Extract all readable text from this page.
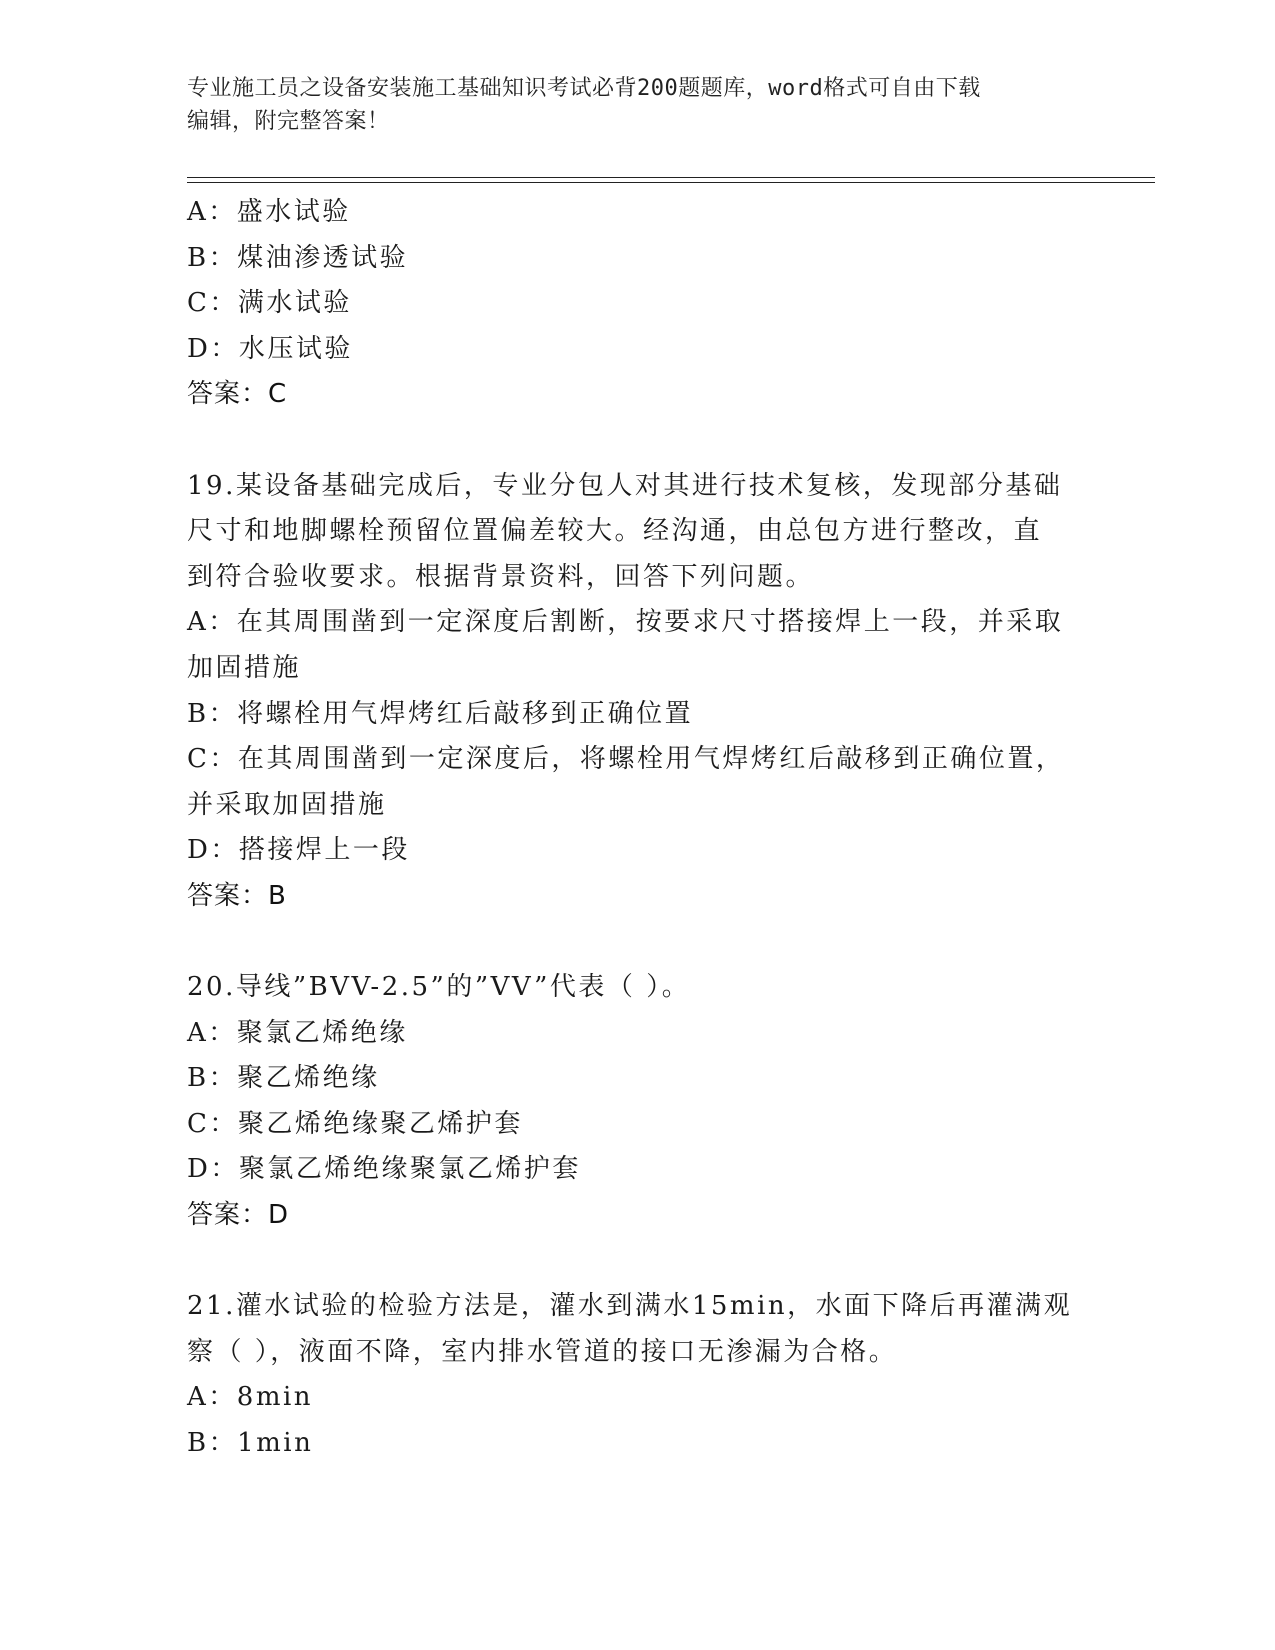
专业施工员之设备安装施工基础知识考试必背200题题库，word格式可自由下载
编辑，附完整答案！
A：盛水试验
B：煤油渗透试验
C：满水试验
D：水压试验
答案：C
19.某设备基础完成后，专业分包人对其进行技术复核，发现部分基础
尺寸和地脚螺栓预留位置偏差较大。经沟通，由总包方进行整改，直
到符合验收要求。根据背景资料，回答下列问题。
A：在其周围凿到一定深度后割断，按要求尺寸搭接焊上一段，并采取
加固措施
B：将螺栓用气焊烤红后敲移到正确位置
C：在其周围凿到一定深度后，将螺栓用气焊烤红后敲移到正确位置，
并采取加固措施
D：搭接焊上一段
答案：B
20.导线”BVV-2.5”的”VV”代表（ ）。
A：聚氯乙烯绝缘
B：聚乙烯绝缘
C：聚乙烯绝缘聚乙烯护套
D：聚氯乙烯绝缘聚氯乙烯护套
答案：D
21.灌水试验的检验方法是，灌水到满水15min，水面下降后再灌满观
察（ ），液面不降，室内排水管道的接口无渗漏为合格。
A：8min
B：1min
